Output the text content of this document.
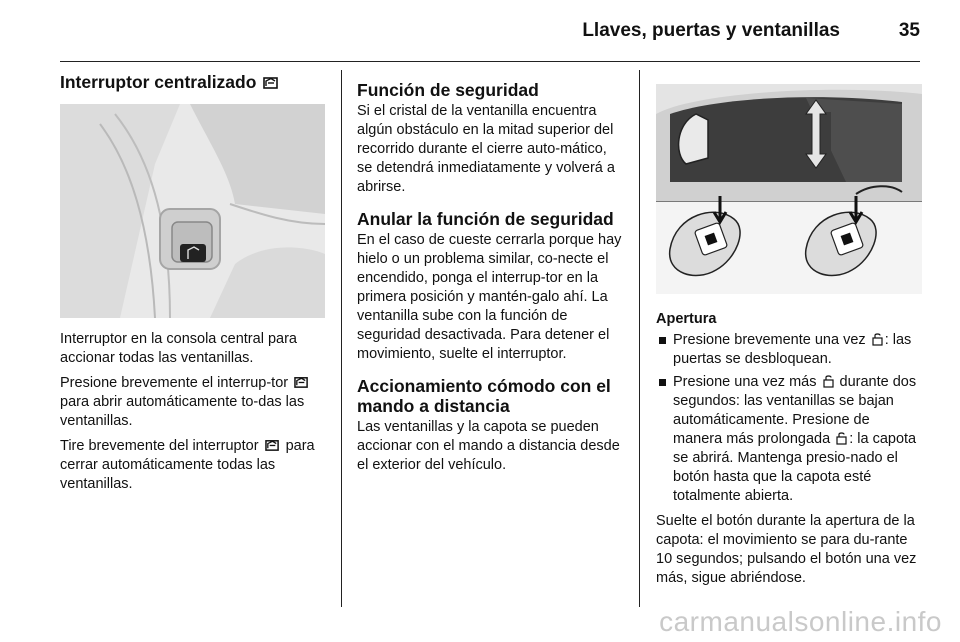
Llaves, puertas y ventanillas	35
Interruptor centralizado

Interruptor en la consola central para accionar todas las ventanillas.

Presione brevemente el interrup-tor  para abrir automáticamente to-das las ventanillas.

Tire brevemente del interruptor para cerrar automáticamente todas las ventanillas.

Función de seguridad

Si el cristal de la ventanilla encuentra algún obstáculo en la mitad superior del recorrido durante el cierre auto-mático, se detendrá inmediatamente y volverá a abrirse.

Anular la función de seguridad

En el caso de cueste cerrarla porque hay hielo o un problema similar, co-necte el encendido, ponga el interrup-tor en la primera posición y mantén-galo ahí. La ventanilla sube con la función de seguridad desactivada. Para detener el movimiento, suelte el interruptor.

Accionamiento cómodo con el mando a distancia

Las ventanillas y la capota se pueden accionar con el mando a distancia desde el exterior del vehículo.

Apertura
Presione brevemente una vez : las puertas se desbloquean.
Presione una vez más durante dos segundos: las ventanillas se bajan automáticamente. Presione de manera más prolongada : la capota se abrirá. Mantenga presio-nado el botón hasta que la capota esté totalmente abierta.

Suelte el botón durante la apertura de la capota: el movimiento se para du-rante 10 segundos; pulsando el botón una vez más, sigue abriéndose.

carmanualsonline.info
